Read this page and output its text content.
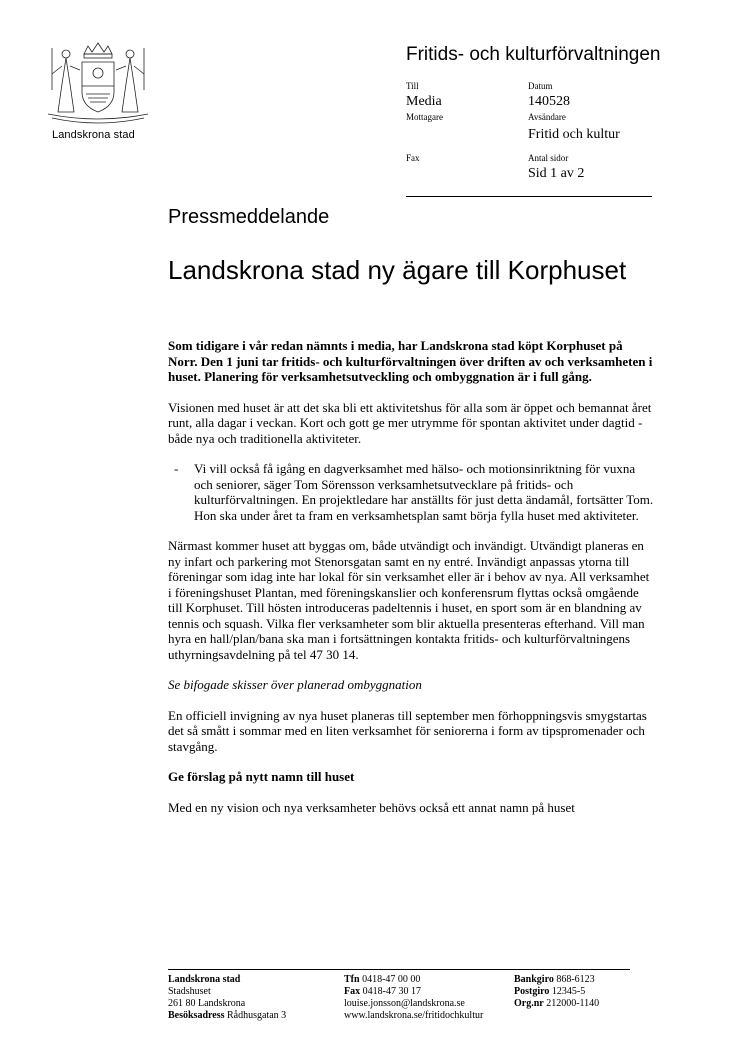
Landskrona stad
Fritids- och kulturförvaltningen
Till
Media
Mottagare
Datum
140528
Avsändare
Fritid och kultur
Fax	Antal sidor
Sid 1 av 2
Pressmeddelande
Landskrona stad ny ägare till Korphuset

Som tidigare i vår redan nämnts i media, har Landskrona stad köpt Korphuset på Norr. Den 1 juni tar fritids- och kulturförvaltningen över driften av och verksamheten i huset. Planering för verksamhetsutveckling och ombyggnation är i full gång.

Visionen med huset är att det ska bli ett aktivitetshus för alla som är öppet och bemannat året runt, alla dagar i veckan. Kort och gott ge mer utrymme för spontan aktivitet under dagtid - både nya och traditionella aktiviteter.

- Vi vill också få igång en dagverksamhet med hälso- och motionsinriktning för vuxna och seniorer, säger Tom Sörensson verksamhetsutvecklare på fritids- och kulturförvaltningen. En projektledare har anställts för just detta ändamål, fortsätter Tom. Hon ska under året ta fram en verksamhetsplan samt börja fylla huset med aktiviteter.

Närmast kommer huset att byggas om, både utvändigt och invändigt. Utvändigt planeras en ny infart och parkering mot Stenorsgatan samt en ny entré. Invändigt anpassas ytorna till föreningar som idag inte har lokal för sin verksamhet eller är i behov av nya. All verksamhet i föreningshuset Plantan, med föreningskanslier och konferensrum flyttas också omgående till Korphuset. Till hösten introduceras padeltennis i huset, en sport som är en blandning av tennis och squash. Vilka fler verksamheter som blir aktuella presenteras efterhand. Vill man hyra en hall/plan/bana ska man i fortsättningen kontakta fritids- och kulturförvaltningens uthyrningsavdelning på tel 47 30 14.

Se bifogade skisser över planerad ombyggnation

En officiell invigning av nya huset planeras till september men förhoppningsvis smygstartas det så smått i sommar med en liten verksamhet för seniorerna i form av tipspromenader och stavgång.

Ge förslag på nytt namn till huset

Med en ny vision och nya verksamheter behövs också ett annat namn på huset

Landskrona stad
Stadshuset
261 80 Landskrona
Besöksadress Rådhusgatan 3
Tfn 0418-47 00 00
Fax 0418-47 30 17
louise.jonsson@landskrona.se
www.landskrona.se/fritidochkultur
Bankgiro 868-6123
Postgiro 12345-5
Org.nr 212000-1140
